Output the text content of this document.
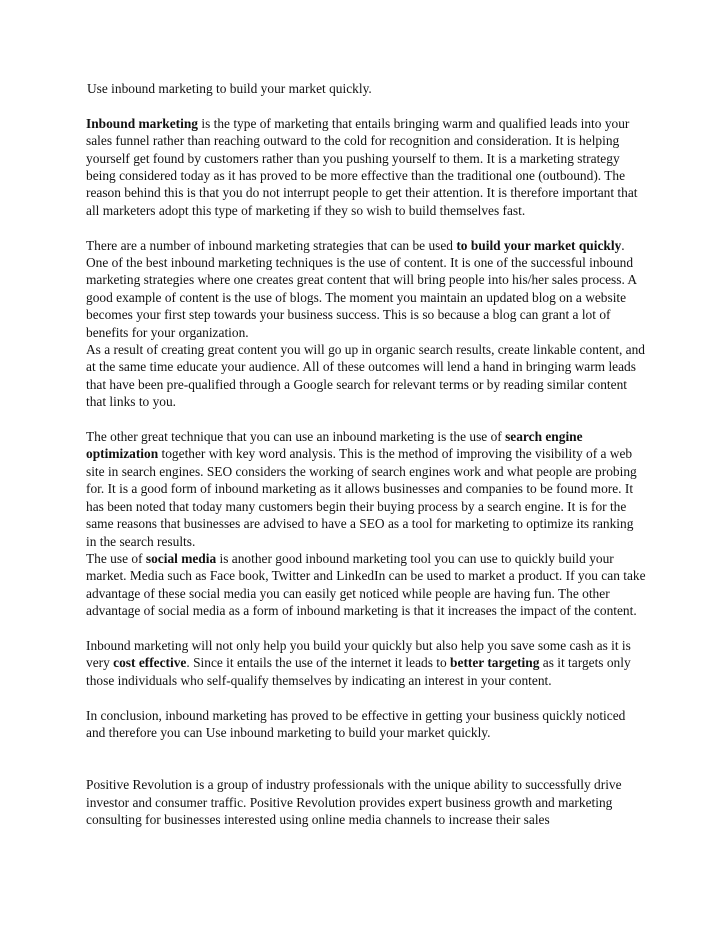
Use inbound marketing to build your market quickly.

Inbound marketing is the type of marketing that entails bringing warm and qualified leads into your sales funnel rather than reaching outward to the cold for recognition and consideration. It is helping yourself get found by customers rather than you pushing yourself to them. It is a marketing strategy being considered today as it has proved to be more effective than the traditional one (outbound). The reason behind this is that you do not interrupt people to get their attention. It is therefore important that all marketers adopt this type of marketing if they so wish to build themselves fast.

There are a number of inbound marketing strategies that can be used to build your market quickly. One of the best inbound marketing techniques is the use of content. It is one of the successful inbound marketing strategies where one creates great content that will bring people into his/her sales process. A good example of content is the use of blogs. The moment you maintain an updated blog on a website becomes your first step towards your business success. This is so because a blog can grant a lot of benefits for your organization.

As a result of creating great content you will go up in organic search results, create linkable content, and at the same time educate your audience. All of these outcomes will lend a hand in bringing warm leads that have been pre-qualified through a Google search for relevant terms or by reading similar content that links to you.

The other great technique that you can use an inbound marketing is the use of search engine optimization together with key word analysis. This is the method of improving the visibility of a web site in search engines. SEO considers the working of search engines work and what people are probing for. It is a good form of inbound marketing as it allows businesses and companies to be found more. It has been noted that today many customers begin their buying process by a search engine. It is for the same reasons that businesses are advised to have a SEO as a tool for marketing to optimize its ranking in the search results.

The use of social media is another good inbound marketing tool you can use to quickly build your market. Media such as Face book, Twitter and LinkedIn can be used to market a product. If you can take advantage of these social media you can easily get noticed while people are having fun. The other advantage of social media as a form of inbound marketing is that it increases the impact of the content.

Inbound marketing will not only help you build your quickly but also help you save some cash as it is very cost effective. Since it entails the use of the internet it leads to better targeting as it targets only those individuals who self-qualify themselves by indicating an interest in your content.

In conclusion, inbound marketing has proved to be effective in getting your business quickly noticed and therefore you can Use inbound marketing to build your market quickly.

Positive Revolution is a group of industry professionals with the unique ability to successfully drive investor and consumer traffic. Positive Revolution provides expert business growth and marketing consulting for businesses interested using online media channels to increase their sales
